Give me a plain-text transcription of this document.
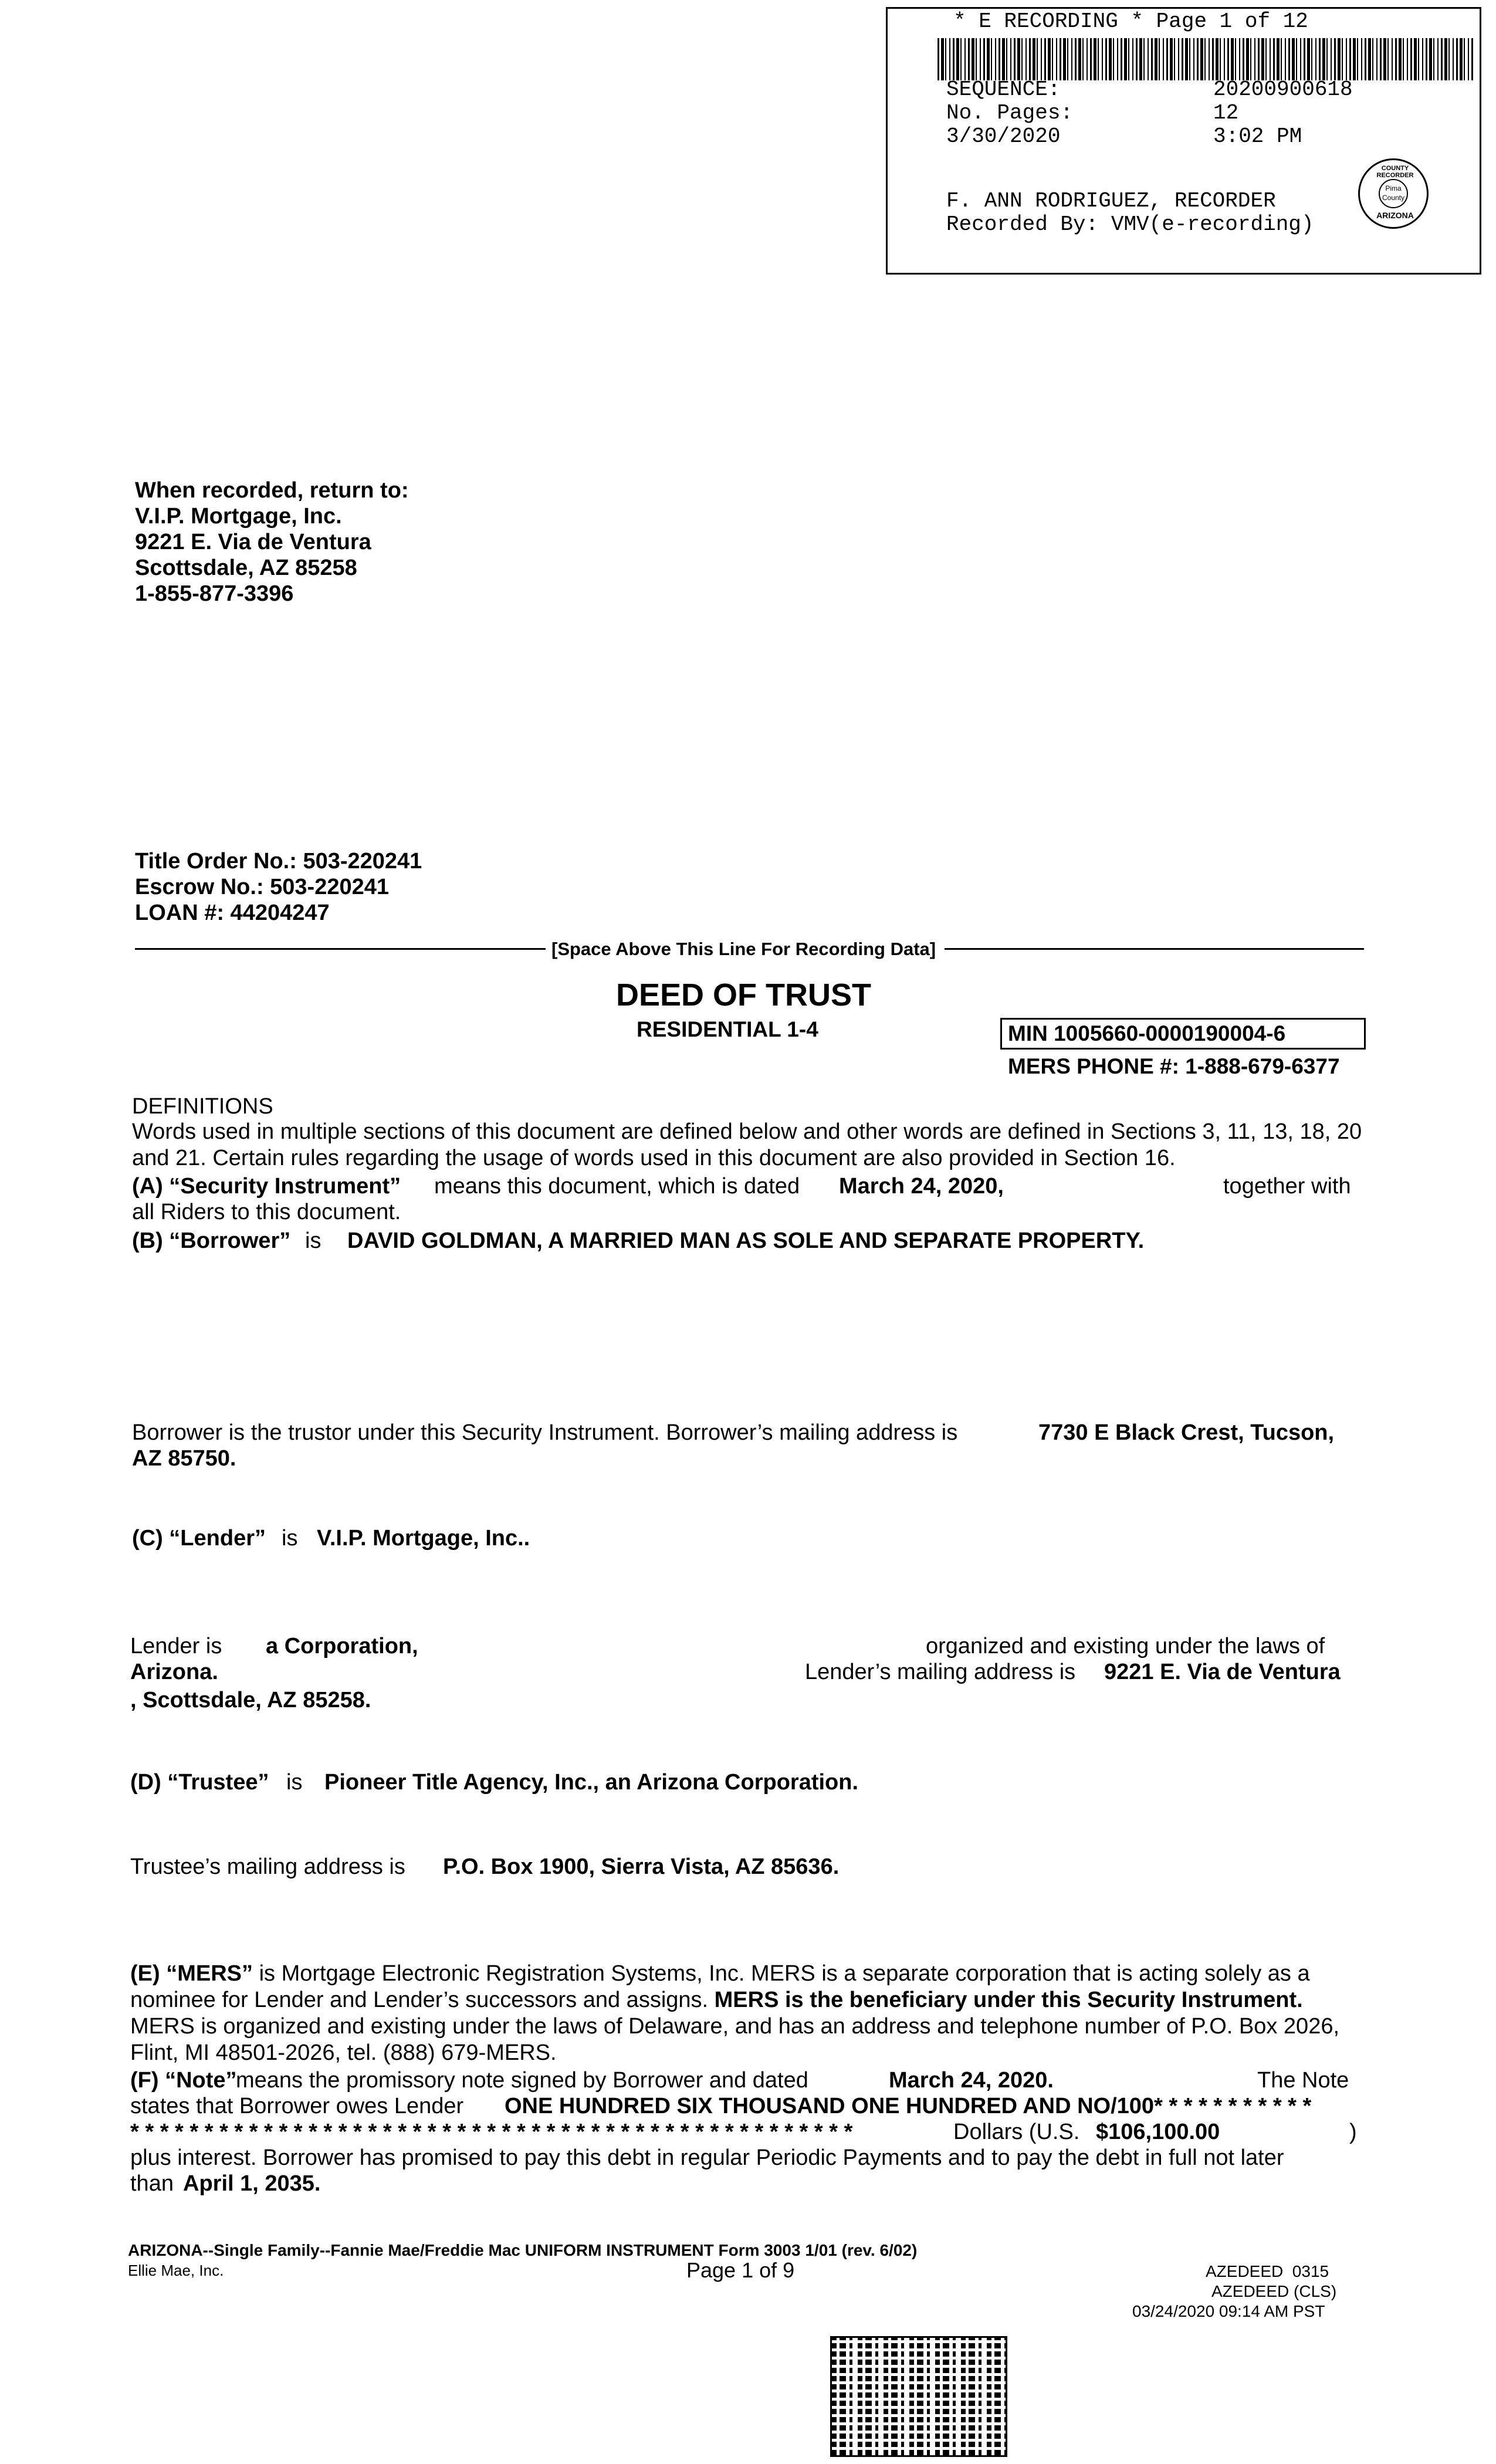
* E RECORDING * Page 1 of 12
SEQUENCE:	20200900618
No. Pages:	12
3/30/2020	3:02 PM
F. ANN RODRIGUEZ, RECORDER
Recorded By: VMV(e-recording)
COUNTY RECORDER
Pima County
ARIZONA
When recorded, return to:
V.I.P. Mortgage, Inc.
9221 E. Via de Ventura
Scottsdale, AZ 85258
1-855-877-3396
Title Order No.: 503-220241
Escrow No.: 503-220241
LOAN #: 44204247
[Space Above This Line For Recording Data]
DEED OF TRUST
RESIDENTIAL 1-4	MIN 1005660-0000190004-6
MERS PHONE #: 1-888-679-6377
DEFINITIONS
Words used in multiple sections of this document are defined below and other words are defined in Sections 3, 11, 13, 18, 20 and 21. Certain rules regarding the usage of words used in this document are also provided in Section 16.
(A) “Security Instrument” means this document, which is dated March 24, 2020,	together with
all Riders to this document.
(B) “Borrower” is DAVID GOLDMAN, A MARRIED MAN AS SOLE AND SEPARATE PROPERTY.
Borrower is the trustor under this Security Instrument. Borrower’s mailing address is	7730 E Black Crest, Tucson,
AZ 85750.
(C) “Lender” is V.I.P. Mortgage, Inc..
Lender is a Corporation,	organized and existing under the laws of
Arizona.	Lender’s mailing address is 9221 E. Via de Ventura
, Scottsdale, AZ 85258.
(D) “Trustee” is Pioneer Title Agency, Inc., an Arizona Corporation.
Trustee’s mailing address is P.O. Box 1900, Sierra Vista, AZ 85636.
(E) “MERS” is Mortgage Electronic Registration Systems, Inc. MERS is a separate corporation that is acting solely as a nominee for Lender and Lender’s successors and assigns. MERS is the beneficiary under this Security Instrument. MERS is organized and existing under the laws of Delaware, and has an address and telephone number of P.O. Box 2026, Flint, MI 48501-2026, tel. (888) 679-MERS.
(F) “Note”
means the promissory note signed by Borrower and dated	March 24, 2020.	The Note
states that Borrower owes Lender ONE HUNDRED SIX THOUSAND ONE HUNDRED AND NO/100* * * * * * * * * * *
* * * * * * * * * * * * * * * * * * * * * * * * * * * * * * * * * * * * * * * * * * * * * * * * *	Dollars (U.S. $106,100.00	)
plus interest. Borrower has promised to pay this debt in regular Periodic Payments and to pay the debt in full not later
than April 1, 2035.
ARIZONA--Single Family--Fannie Mae/Freddie Mac UNIFORM INSTRUMENT Form 3003 1/01 (rev. 6/02)
Ellie Mae, Inc.	Page 1 of 9	AZEDEED  0315
AZEDEED (CLS)
03/24/2020 09:14 AM PST
